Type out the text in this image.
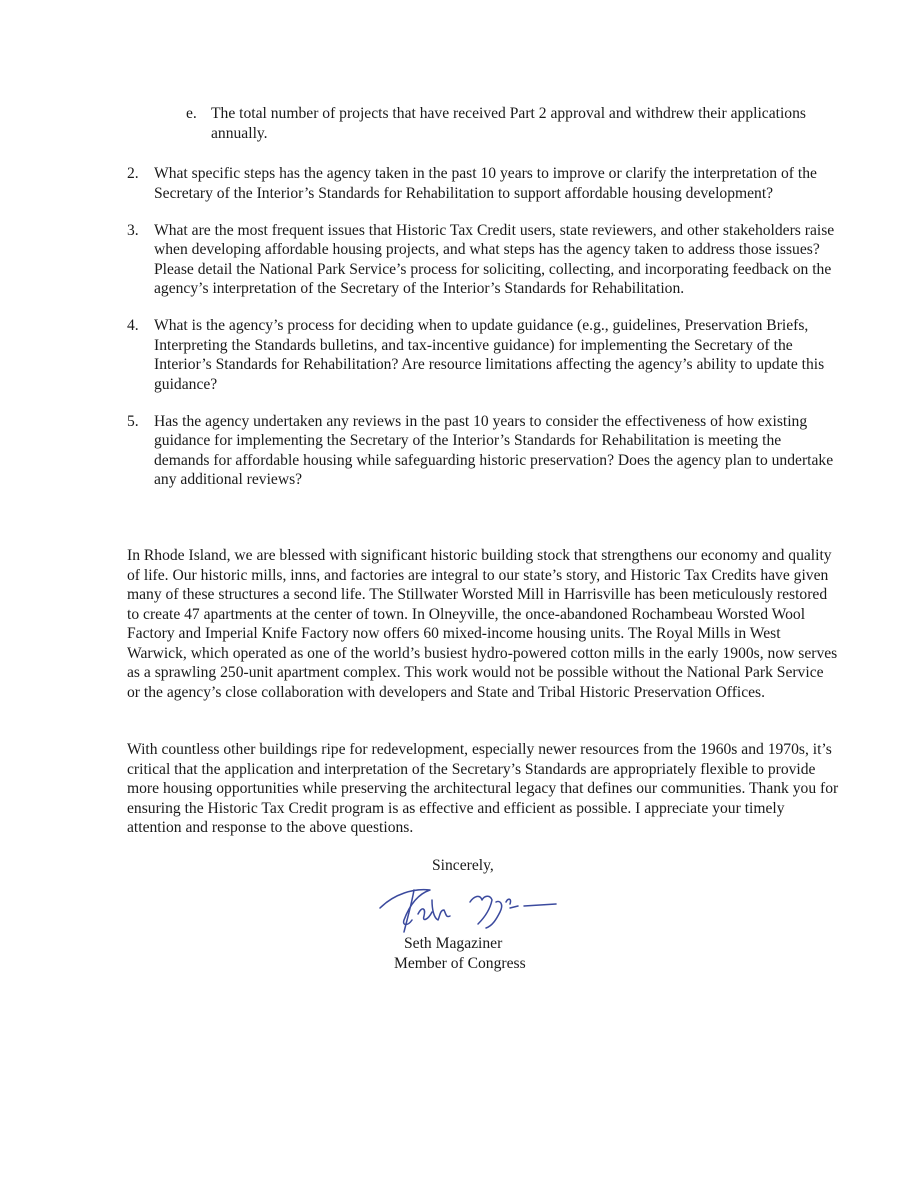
e. The total number of projects that have received Part 2 approval and withdrew their applications annually.
2. What specific steps has the agency taken in the past 10 years to improve or clarify the interpretation of the Secretary of the Interior’s Standards for Rehabilitation to support affordable housing development?
3. What are the most frequent issues that Historic Tax Credit users, state reviewers, and other stakeholders raise when developing affordable housing projects, and what steps has the agency taken to address those issues? Please detail the National Park Service’s process for soliciting, collecting, and incorporating feedback on the agency’s interpretation of the Secretary of the Interior’s Standards for Rehabilitation.
4. What is the agency’s process for deciding when to update guidance (e.g., guidelines, Preservation Briefs, Interpreting the Standards bulletins, and tax-incentive guidance) for implementing the Secretary of the Interior’s Standards for Rehabilitation? Are resource limitations affecting the agency’s ability to update this guidance?
5. Has the agency undertaken any reviews in the past 10 years to consider the effectiveness of how existing guidance for implementing the Secretary of the Interior’s Standards for Rehabilitation is meeting the demands for affordable housing while safeguarding historic preservation? Does the agency plan to undertake any additional reviews?

In Rhode Island, we are blessed with significant historic building stock that strengthens our economy and quality of life. Our historic mills, inns, and factories are integral to our state’s story, and Historic Tax Credits have given many of these structures a second life. The Stillwater Worsted Mill in Harrisville has been meticulously restored to create 47 apartments at the center of town. In Olneyville, the once-abandoned Rochambeau Worsted Wool Factory and Imperial Knife Factory now offers 60 mixed-income housing units. The Royal Mills in West Warwick, which operated as one of the world’s busiest hydro-powered cotton mills in the early 1900s, now serves as a sprawling 250-unit apartment complex. This work would not be possible without the National Park Service or the agency’s close collaboration with developers and State and Tribal Historic Preservation Offices.

With countless other buildings ripe for redevelopment, especially newer resources from the 1960s and 1970s, it’s critical that the application and interpretation of the Secretary’s Standards are appropriately flexible to provide more housing opportunities while preserving the architectural legacy that defines our communities. Thank you for ensuring the Historic Tax Credit program is as effective and efficient as possible. I appreciate your timely attention and response to the above questions.

Sincerely,
Seth Magaziner
Member of Congress
